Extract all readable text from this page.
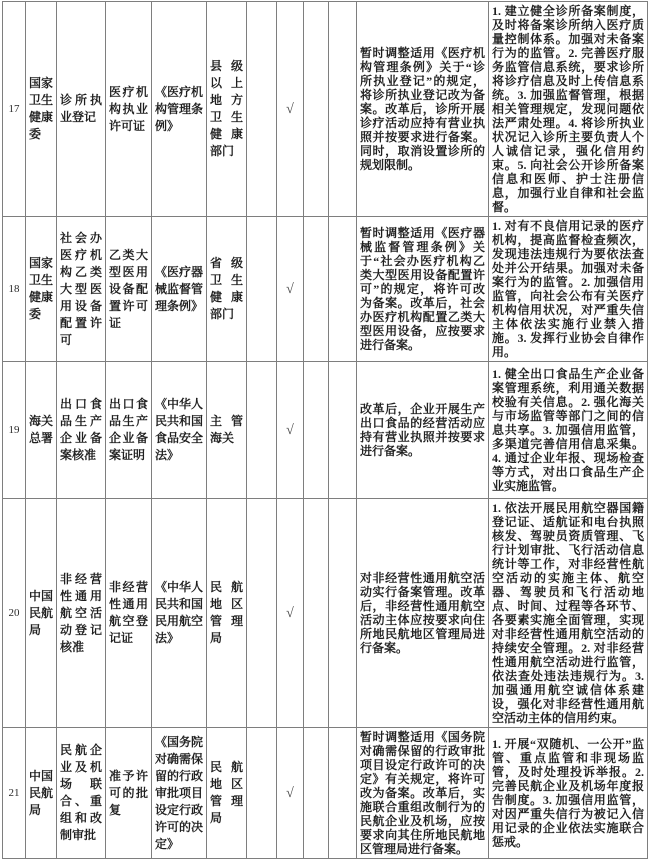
17	国家卫生健康委	诊所执业登记	医疗机构执业许可证	《医疗机构管理条例》	县级以上地方卫生健康部门		√			暂时调整适用《医疗机构管理条例》关于“诊所执业登记”的规定，将诊所执业登记改为备案。改革后，诊所开展诊疗活动应持有营业执照并按要求进行备案。同时，取消设置诊所的规划限制。	1. 建立健全诊所备案制度，及时将备案诊所纳入医疗质量控制体系。加强对未备案行为的监管。2. 完善医疗服务监管信息系统，要求诊所将诊疗信息及时上传信息系统。3. 加强监督管理，根据相关管理规定，发现问题依法严肃处理。4. 将诊所执业状况记入诊所主要负责人个人诚信记录，强化信用约束。5. 向社会公开诊所备案信息和医师、护士注册信息，加强行业自律和社会监督。
18	国家卫生健康委	社会办医疗机构乙类大型医用设备配置许可	乙类大型医用设备配置许可证	《医疗器械监督管理条例》	省级卫生健康部门		√			暂时调整适用《医疗器械监督管理条例》关于“社会办医疗机构乙类大型医用设备配置许可”的规定，将许可改为备案。改革后，社会办医疗机构配置乙类大型医用设备，应按要求进行备案。	1. 对有不良信用记录的医疗机构，提高监督检查频次，发现违法违规行为要依法查处并公开结果。加强对未备案行为的监管。2. 加强信用监管，向社会公布有关医疗机构信用状况，对严重失信主体依法实施行业禁入措施。3. 发挥行业协会自律作用。
19	海关总署	出口食品生产企业备案核准	出口食品生产企业备案证明	《中华人民共和国食品安全法》	主管海关		√			改革后，企业开展生产出口食品的经营活动应持有营业执照并按要求进行备案。	1. 健全出口食品生产企业备案管理系统，利用通关数据校验有关信息。2. 强化海关与市场监管等部门之间的信息共享。3. 加强信用监管，多渠道完善信用信息采集。4. 通过企业年报、现场检查等方式，对出口食品生产企业实施监管。
20	中国民航局	非经营性通用航空活动登记核准	非经营性通用航空登记证	《中华人民共和国民用航空法》	民航地区管理局		√			对非经营性通用航空活动实行备案管理。改革后，非经营性通用航空活动主体应按要求向住所地民航地区管理局进行备案。	1. 依法开展民用航空器国籍登记证、适航证和电台执照核发、驾驶员资质管理、飞行计划审批、飞行活动信息统计等工作，对非经营性航空活动的实施主体、航空器、驾驶员和飞行活动地点、时间、过程等各环节、各要素实施全面管理，实现对非经营性通用航空活动的持续安全管理。2. 对非经营性通用航空活动进行监管，依法查处违法违规行为。3. 加强通用航空诚信体系建设，强化对非经营性通用航空活动主体的信用约束。
21	中国民航局	民航企业及机场联合、重组和改制审批	准予许可的批复	《国务院对确需保留的行政审批项目设定行政许可的决定》	民航地区管理局		√			暂时调整适用《国务院对确需保留的行政审批项目设定行政许可的决定》有关规定，将许可改为备案。改革后，实施联合重组改制行为的民航企业及机场，应按要求向其住所地民航地区管理局进行备案。	1. 开展“双随机、一公开”监管、重点监管和非现场监管，及时处理投诉举报。2. 完善民航企业及机场年度报告制度。3. 加强信用监管，对因严重失信行为被记入信用记录的企业依法实施联合惩戒。
